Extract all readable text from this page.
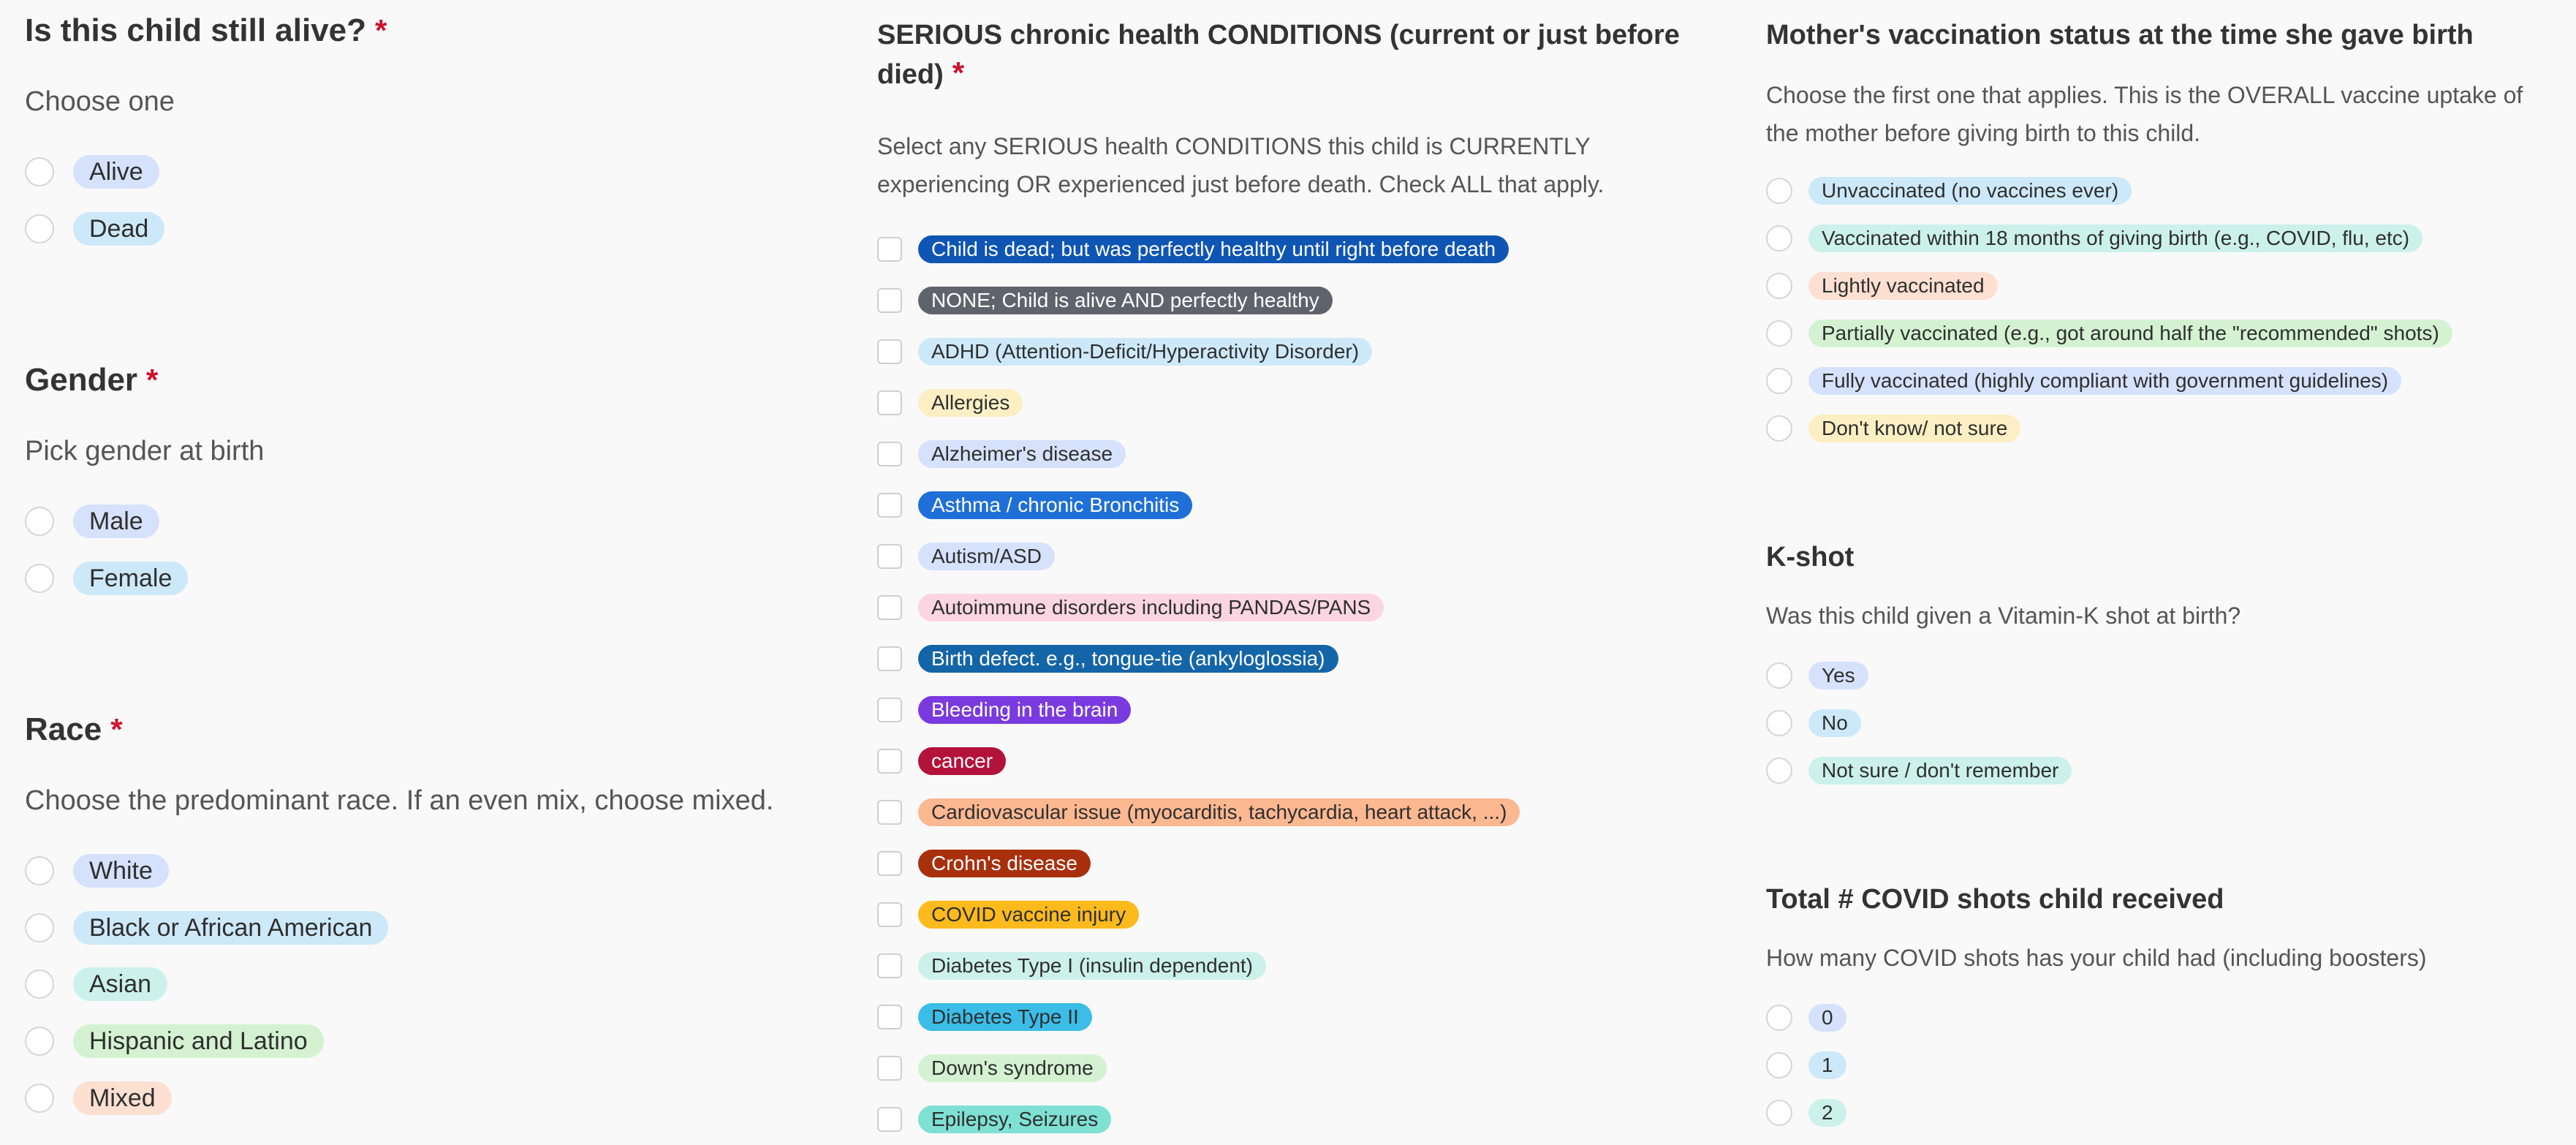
Is this child still alive? *

Choose one

Alive
Dead
Gender *

Pick gender at birth

Male
Female
Race *

Choose the predominant race. If an even mix, choose mixed.

White
Black or African American
Asian
Hispanic and Latino
Mixed
SERIOUS chronic health CONDITIONS (current or just before died) *

Select any SERIOUS health CONDITIONS this child is CURRENTLY experiencing OR experienced just before death. Check ALL that apply.

Child is dead; but was perfectly healthy until right before death
NONE; Child is alive AND perfectly healthy
ADHD (Attention-Deficit/Hyperactivity Disorder)
Allergies
Alzheimer's disease
Asthma / chronic Bronchitis
Autism/ASD
Autoimmune disorders including PANDAS/PANS
Birth defect. e.g., tongue-tie (ankyloglossia)
Bleeding in the brain
cancer
Cardiovascular issue (myocarditis, tachycardia, heart attack, ...)
Crohn's disease
COVID vaccine injury
Diabetes Type I (insulin dependent)
Diabetes Type II
Down's syndrome
Epilepsy, Seizures
Mother's vaccination status at the time she gave birth

Choose the first one that applies. This is the OVERALL vaccine uptake of the mother before giving birth to this child.

Unvaccinated (no vaccines ever)
Vaccinated within 18 months of giving birth (e.g., COVID, flu, etc)
Lightly vaccinated
Partially vaccinated (e.g., got around half the "recommended" shots)
Fully vaccinated (highly compliant with government guidelines)
Don't know/ not sure
K-shot

Was this child given a Vitamin-K shot at birth?

Yes
No
Not sure / don't remember
Total # COVID shots child received

How many COVID shots has your child had (including boosters)

0
1
2
